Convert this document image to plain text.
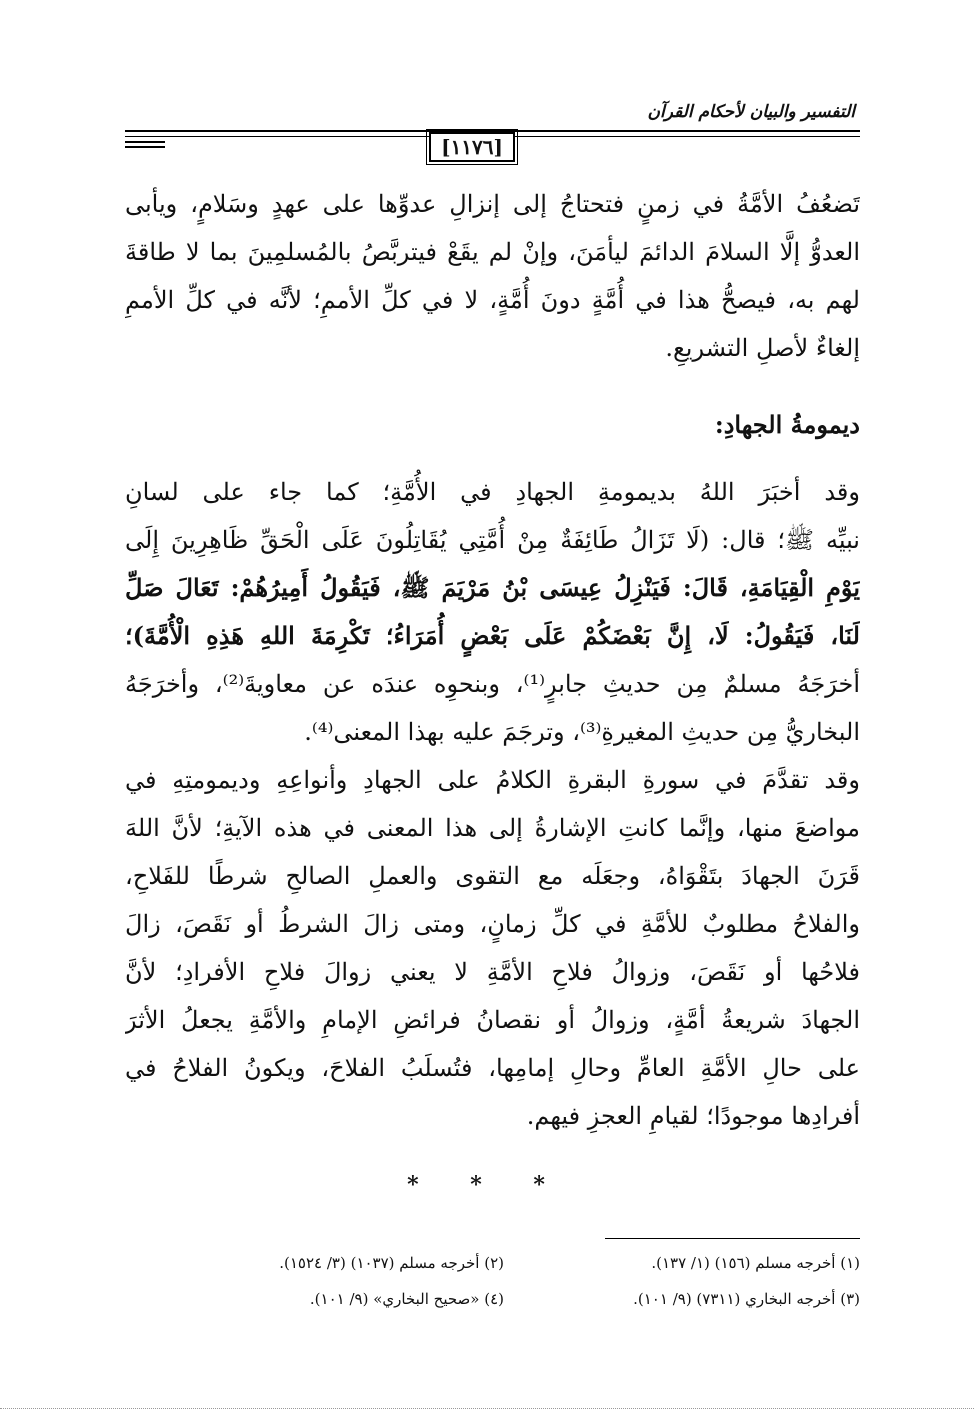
التفسير والبيان لأحكام القرآن
[١١٧٦]
تَضعُفُ الأمَّةُ في زمنٍ فتحتاجُ إلى إنزالِ عدوِّها على عهدٍ وسَلامٍ، ويأبى
العدوُّ إلَّا السلامَ الدائمَ ليأمَنَ، وإنْ لم يقَعْ فيتربَّصُ بالمُسلمِينَ بما لا طاقةَ
لهم به، فيصحُّ هذا في أُمَّةٍ دونَ أُمَّةٍ، لا في كلِّ الأممِ؛ لأنَّه في كلِّ الأممِ
إلغاءٌ لأصلِ التشريعِ.
ديمومةُ الجهادِ:
وقد أخبَرَ اللهُ بديمومةِ الجهادِ في الأُمَّةِ؛ كما جاء على لسانِ
نبيِّه ﷺ؛ قال: (لَا تَزَالُ طَائِفَةٌ مِنْ أُمَّتِي يُقَاتِلُونَ عَلَى الْحَقِّ ظَاهِرِينَ إِلَى
يَوْمِ الْقِيَامَةِ، قَالَ: فَيَنْزِلُ عِيسَى بْنُ مَرْيَمَ ﷺ، فَيَقُولُ أَمِيرُهُمْ: تَعَالَ صَلِّ
لَنَا، فَيَقُولُ: لَا، إِنَّ بَعْضَكُمْ عَلَى بَعْضٍ أُمَرَاءُ؛ تَكْرِمَةَ اللهِ هَذِهِ الْأُمَّةَ)؛
أخرَجَهُ مسلمٌ مِن حديثِ جابرٍ⁽¹⁾، وبنحوِه عندَه عن معاويةَ⁽²⁾، وأخرَجَهُ
البخاريُّ مِن حديثِ المغيرةِ⁽³⁾، وترجَمَ عليه بهذا المعنى⁽⁴⁾.
وقد تقدَّمَ في سورةِ البقرةِ الكلامُ على الجهادِ وأنواعِهِ وديمومتِهِ في
مواضعَ منها، وإنَّما كانتِ الإشارةُ إلى هذا المعنى في هذه الآيةِ؛ لأنَّ اللهَ
قَرَنَ الجهادَ بتَقْوَاهُ، وجعَلَه مع التقوى والعملِ الصالحِ شرطًا للفَلاحِ،
والفلاحُ مطلوبٌ للأمَّةِ في كلِّ زمانٍ، ومتى زالَ الشرطُ أو نَقَصَ، زالَ
فلاحُها أو نَقَصَ، وزوالُ فلاحِ الأمَّةِ لا يعني زوالَ فلاحِ الأفرادِ؛ لأنَّ
الجهادَ شريعةُ أمَّةٍ، وزوالُ أو نقصانُ فرائضِ الإمامِ والأمَّةِ يجعلُ الأثرَ
على حالِ الأمَّةِ العامِّ وحالِ إمامِها، فتُسلَبُ الفلاحَ، ويكونُ الفلاحُ في
أفرادِها موجودًا؛ لقيامِ العجزِ فيهم.
* * *
(١) أخرجه مسلم (١٥٦) (١/ ١٣٧).
(٢) أخرجه مسلم (١٠٣٧) (٣/ ١٥٢٤).
(٣) أخرجه البخاري (٧٣١١) (٩/ ١٠١).
(٤) «صحيح البخاري» (٩/ ١٠١).
